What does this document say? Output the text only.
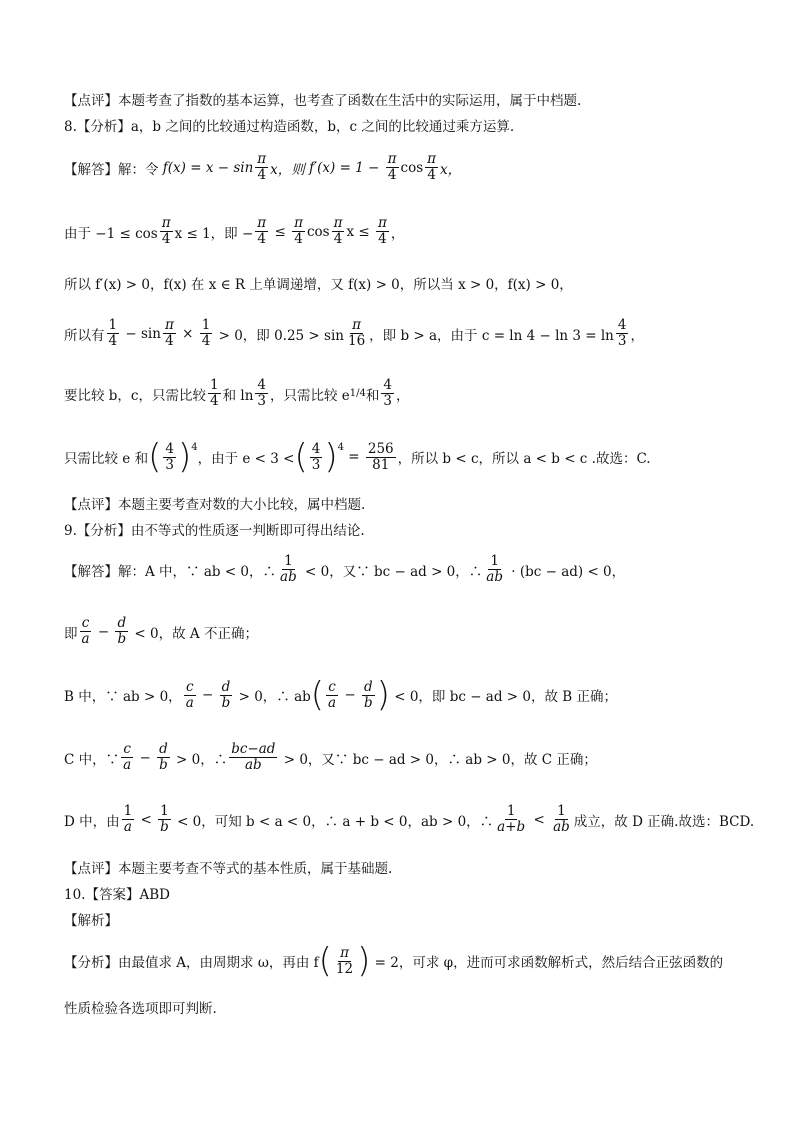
【点评】本题考查了指数的基本运算，也考查了函数在生活中的实际运用，属于中档题.
8.【分析】a，b 之间的比较通过构造函数，b，c 之间的比较通过乘方运算.
【解答】解：令 $f(x) = x - \sin \frac{\pi}{4}$ x，则 $f'(x) = 1 - \frac{\pi}{4}$ $\cos \frac{\pi}{4}$ x，
由于 $-1 \le \cos \frac{\pi}{4}$ x ≤ 1，即 − $\frac{\pi}{4} \le \frac{\pi}{4}$ $\cos \frac{\pi}{4}$ $x \le \frac{\pi}{4}$ ，
所以 f′(x) > 0，f(x) 在 x ∈ R 上单调递增，又 f(x) > 0，所以当 x > 0，f(x) > 0，
所以有 $\frac{1}{4} - \sin \frac{\pi}{4} \times \frac{1}{4} > 0$，即 $0.25 > \sin \frac{\pi}{16}$ ，即 b > a，由于 $c = \ln 4 - \ln 3 = \ln \frac{4}{3}$ ，
要比较 b，c，只需比较 $\frac{1}{4}$ 和 $\ln \frac{4}{3}$ ，只需比较 e 1/4 和 $\frac{4}{3}$ ，
只需比较 e 和 ( $\frac{4}{3}$ ) 4
，由于 e < 3 < ( $\frac{4}{3}$ ) 4
= $\frac{256}{81}$ ，所以 b < c，所以 a < b < c .故选：C.
【点评】本题主要考查对数的大小比较，属中档题.
9.【分析】由不等式的性质逐一判断即可得出结论.
【解答】解：A 中，∵ ab < 0，∴ $\frac{1}{ab} < 0$，又∵ bc − ad > 0，∴ $\frac{1}{ab} \cdot (bc - ad) < 0$，
即 $\frac{c}{a} - \frac{d}{b} < 0$，故 A 不正确；
B 中，∵ ab > 0， $\frac{c}{a} - \frac{d}{b} > 0$，∴ ab ( $\frac{c}{a} - \frac{d}{b}$ ) < 0，即 bc − ad > 0，故 B 正确；
C 中，∵ $\frac{c}{a} - \frac{d}{b} > 0$，∴ $\frac{bc-ad}{ab} > 0$，又∵ bc − ad > 0，∴ ab > 0，故 C 正确；
D 中，由 $\frac{1}{a} < \frac{1}{b} < 0$，可知 b < a < 0，∴ a + b < 0，ab > 0，∴ $\frac{1}{a+b} < \frac{1}{ab}$ 成立，故 D 正确.故选：BCD.
【点评】本题主要考查不等式的基本性质，属于基础题.
10.【答案】ABD
【解析】
【分析】由最值求 A，由周期求 ω，再由 f ( $\frac{\pi}{12}$ ) = 2，可求 φ，进而可求函数解析式，然后结合正弦函数的
性质检验各选项即可判断.
